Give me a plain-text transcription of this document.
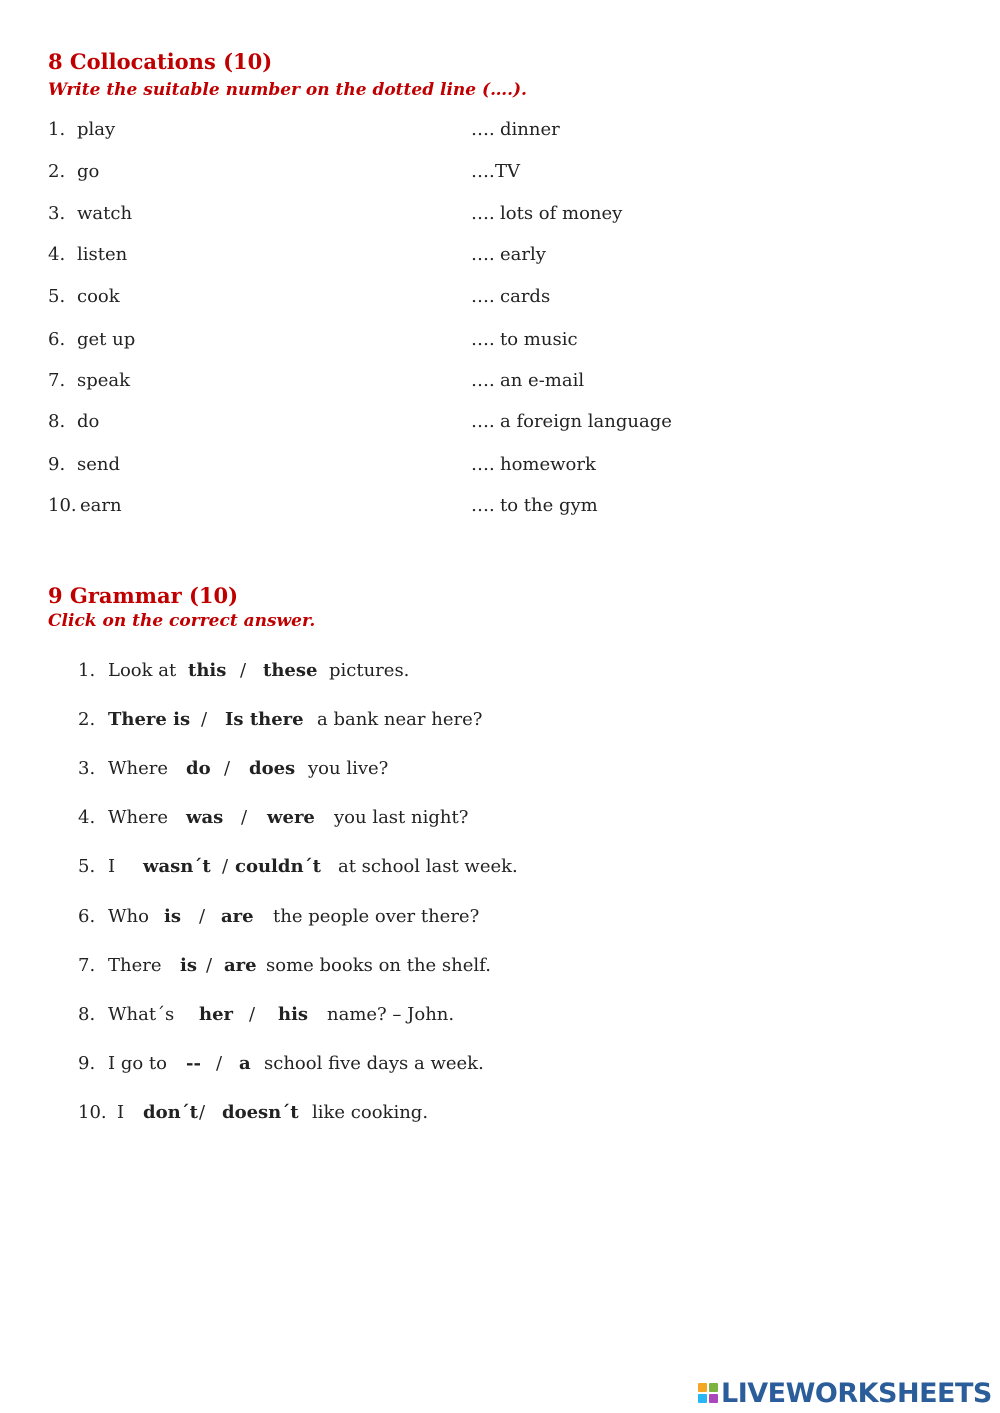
8 Collocations (10)
Write the suitable number on the dotted line (….).
1. play
2. go
3. watch
4. listen
5. cook
6. get up
7. speak
8. do
9. send
10. earn
…. dinner
….TV
…. lots of money
…. early
…. cards
…. to music
…. an e-mail
…. a foreign language
…. homework
…. to the gym
9 Grammar (10)
Click on the correct answer.
1. Look at this / these pictures.
2. There is / Is there a bank near here?
3. Where do / does you live?
4. Where was / were you last night?
5. I wasn´t / couldn´t at school last week.
6. Who is / are the people over there?
7. There is / are some books on the shelf.
8. What´s her / his name? – John.
9. I go to -- / a school five days a week.
10. I don´t/ doesn´t like cooking.
LIVEWORKSHEETS
